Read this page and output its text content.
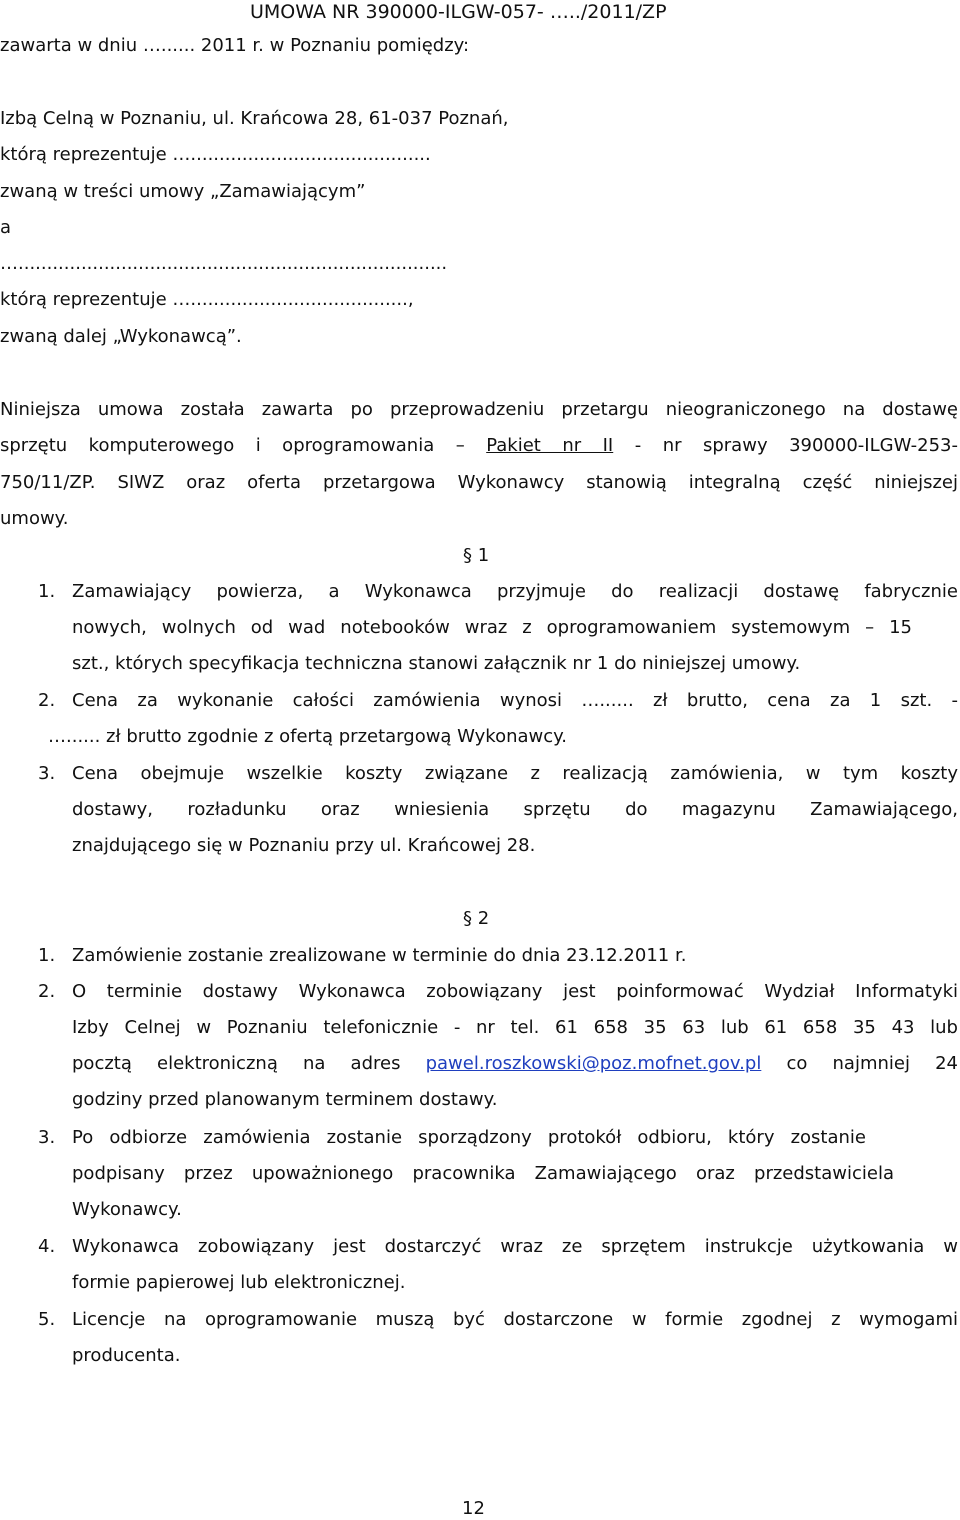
UMOWA NR 390000-ILGW-057- …../2011/ZP
zawarta w dniu …...... 2011 r. w Poznaniu pomiędzy:
Izbą Celną w Poznaniu, ul. Krańcowa 28, 61-037 Poznań,
którą reprezentuje …..........................................
zwaną w treści umowy „Zamawiającym”
a
…...........................................................................
którą reprezentuje …......................................,
zwaną dalej „Wykonawcą”.
Niniejsza umowa została zawarta po przeprowadzeniu przetargu nieograniczonego na dostawę
sprzętu komputerowego i oprogramowania – Pakiet nr II - nr sprawy 390000-ILGW-253-
750/11/ZP. SIWZ oraz oferta przetargowa Wykonawcy stanowią integralną część niniejszej
umowy.
§ 1
1. Zamawiający powierza, a Wykonawca przyjmuje do realizacji dostawę fabrycznie
nowych, wolnych od wad notebooków wraz z oprogramowaniem systemowym – 15
szt., których specyfikacja techniczna stanowi załącznik nr 1 do niniejszej umowy.
2. Cena za wykonanie całości zamówienia wynosi …...... zł brutto, cena za 1 szt. -
…...... zł brutto zgodnie z ofertą przetargową Wykonawcy.
3. Cena obejmuje wszelkie koszty związane z realizacją zamówienia, w tym koszty
dostawy, rozładunku oraz wniesienia sprzętu do magazynu Zamawiającego,
znajdującego się w Poznaniu przy ul. Krańcowej 28.
§ 2
1. Zamówienie zostanie zrealizowane w terminie do dnia 23.12.2011 r.
2. O terminie dostawy Wykonawca zobowiązany jest poinformować Wydział Informatyki
Izby Celnej w Poznaniu telefonicznie - nr tel. 61 658 35 63 lub 61 658 35 43 lub
pocztą elektroniczną na adres pawel.roszkowski@poz.mofnet.gov.pl co najmniej 24
godziny przed planowanym terminem dostawy.
3. Po odbiorze zamówienia zostanie sporządzony protokół odbioru, który zostanie
podpisany przez upoważnionego pracownika Zamawiającego oraz przedstawiciela
Wykonawcy.
4. Wykonawca zobowiązany jest dostarczyć wraz ze sprzętem instrukcje użytkowania w
formie papierowej lub elektronicznej.
5. Licencje na oprogramowanie muszą być dostarczone w formie zgodnej z wymogami
producenta.
12
